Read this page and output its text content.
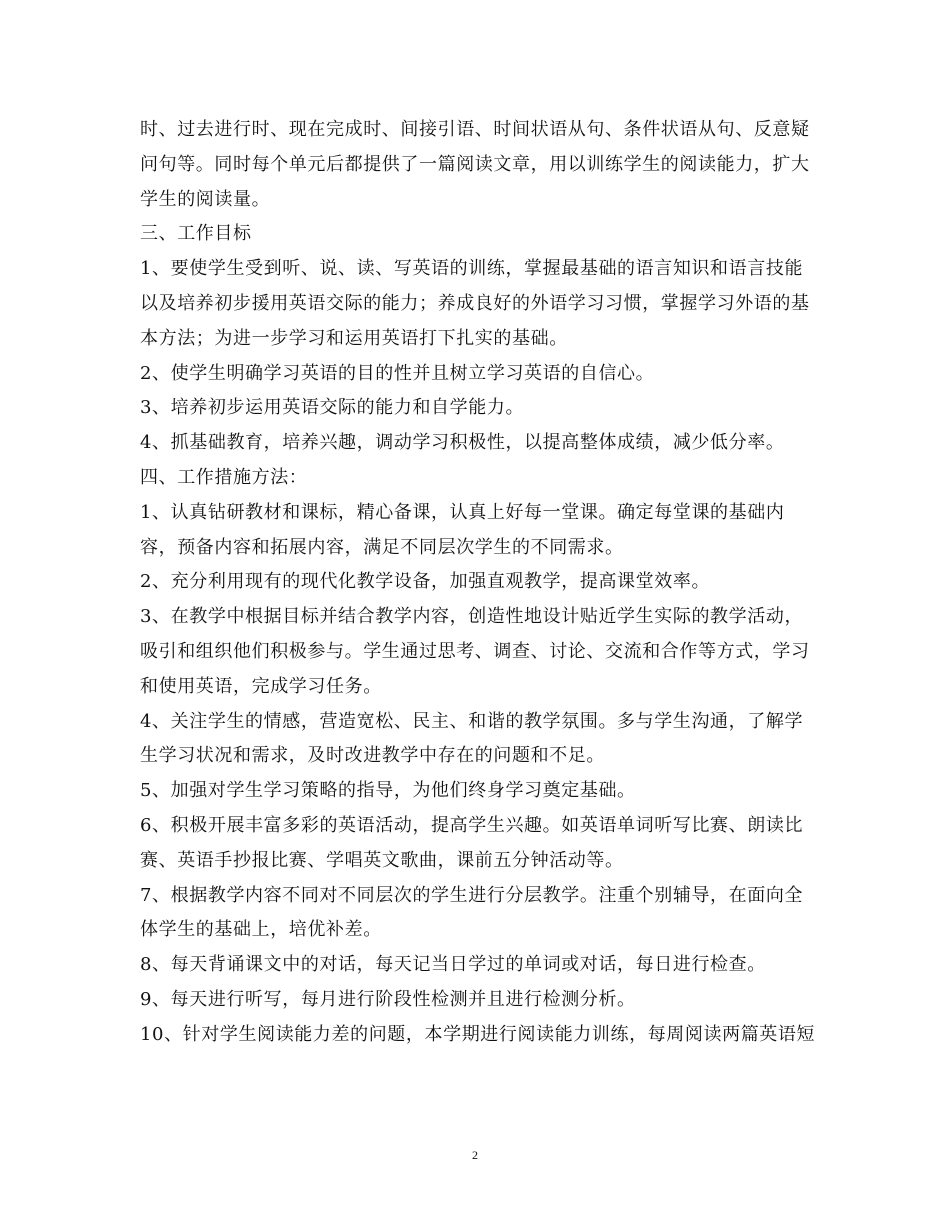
时、过去进行时、现在完成时、间接引语、时间状语从句、条件状语从句、反意疑
问句等。同时每个单元后都提供了一篇阅读文章，用以训练学生的阅读能力，扩大
学生的阅读量。
三、工作目标
1、要使学生受到听、说、读、写英语的训练，掌握最基础的语言知识和语言技能
以及培养初步援用英语交际的能力；养成良好的外语学习习惯，掌握学习外语的基
本方法；为进一步学习和运用英语打下扎实的基础。
2、使学生明确学习英语的目的性并且树立学习英语的自信心。
3、培养初步运用英语交际的能力和自学能力。
4、抓基础教育，培养兴趣，调动学习积极性，以提高整体成绩，减少低分率。
四、工作措施方法：
1、认真钻研教材和课标，精心备课，认真上好每一堂课。确定每堂课的基础内
容，预备内容和拓展内容，满足不同层次学生的不同需求。
2、充分利用现有的现代化教学设备，加强直观教学，提高课堂效率。
3、在教学中根据目标并结合教学内容，创造性地设计贴近学生实际的教学活动，
吸引和组织他们积极参与。学生通过思考、调查、讨论、交流和合作等方式，学习
和使用英语，完成学习任务。
4、关注学生的情感，营造宽松、民主、和谐的教学氛围。多与学生沟通，了解学
生学习状况和需求，及时改进教学中存在的问题和不足。
5、加强对学生学习策略的指导，为他们终身学习奠定基础。
6、积极开展丰富多彩的英语活动，提高学生兴趣。如英语单词听写比赛、朗读比
赛、英语手抄报比赛、学唱英文歌曲，课前五分钟活动等。
7、根据教学内容不同对不同层次的学生进行分层教学。注重个别辅导，在面向全
体学生的基础上，培优补差。
8、每天背诵课文中的对话，每天记当日学过的单词或对话，每日进行检查。
9、每天进行听写，每月进行阶段性检测并且进行检测分析。
10、针对学生阅读能力差的问题，本学期进行阅读能力训练，每周阅读两篇英语短
2
